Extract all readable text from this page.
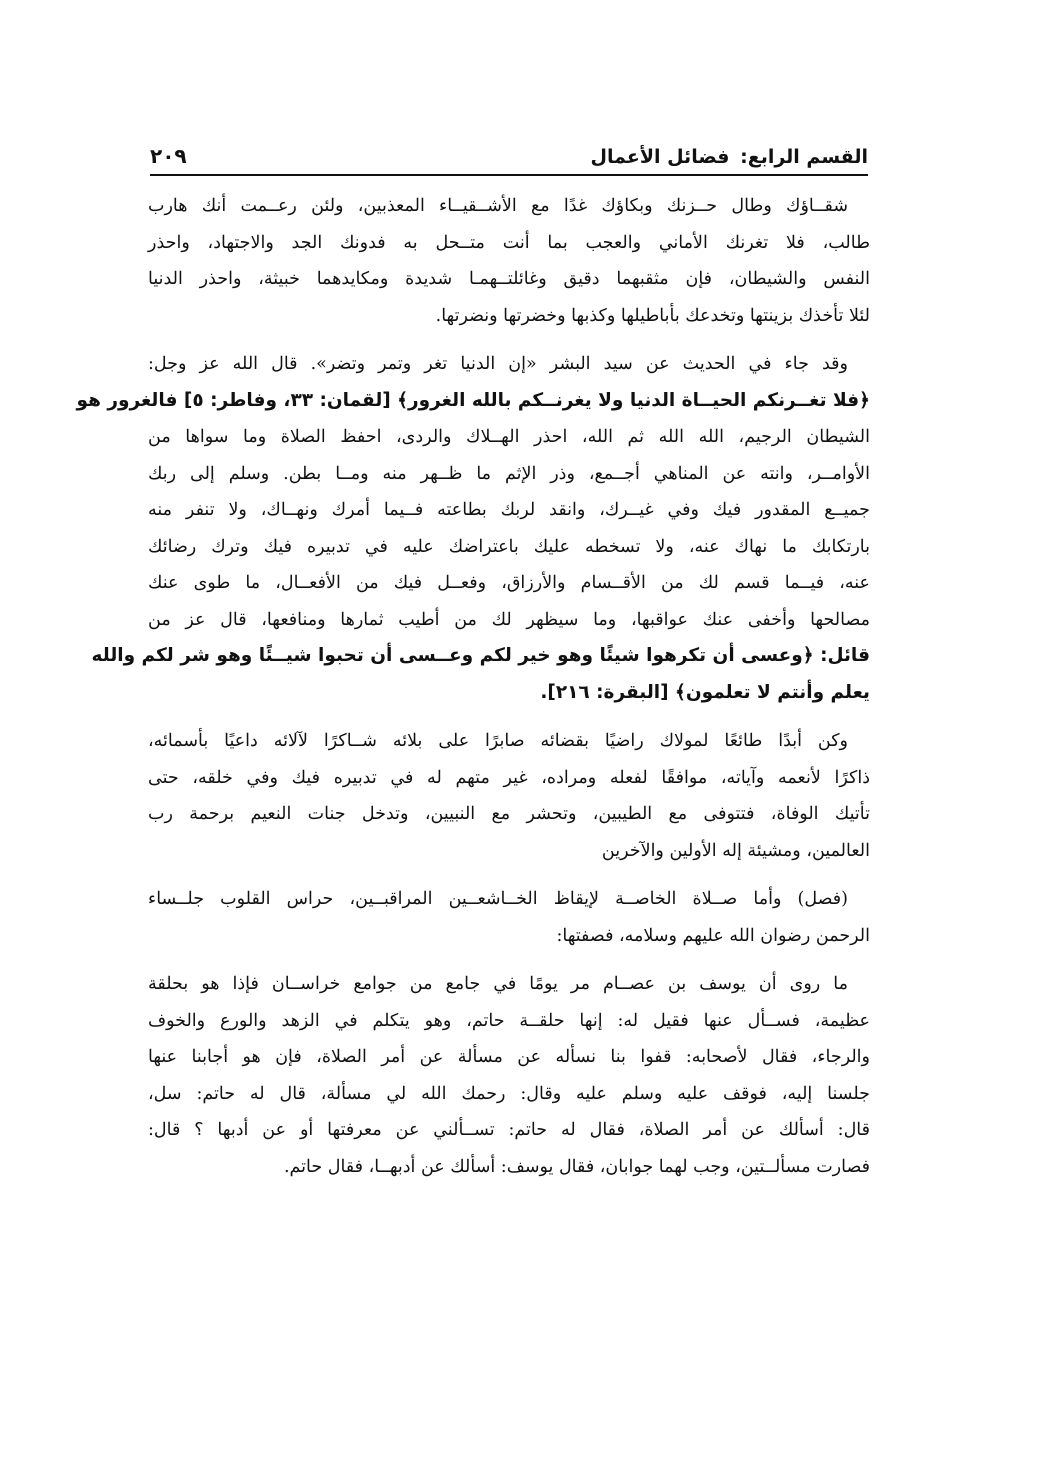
القسم الرابع: فضائل الأعمال
٢٠٩

شقــاؤك وطال حــزنك وبكاؤك غدًا مع الأشــقيــاء المعذبين، ولئن رعــمت أنك هارب
طالب، فلا تغرنك الأماني والعجب بما أنت متــحل به فدونك الجد والاجتهاد، واحذر
النفس والشيطان، فإن مثقبهما دقيق وغائلتــهمـا شديدة ومكايدهما خبيثة، واحذر الدنيا
لئلا تأخذك بزينتها وتخدعك بأباطيلها وكذبها وخضرتها ونضرتها.

وقد جاء في الحديث عن سيد البشر «إن الدنيا تغر وتمر وتضر». قال الله عز وجل:
﴿فلا تغــرنكم الحيــاة الدنيا ولا يغرنــكم بالله الغرور﴾ [لقمان: ٣٣، وفاطر: ٥] فالغرور هو
الشيطان الرجيم، الله الله ثم الله، احذر الهــلاك والردى، احفظ الصلاة وما سواها من
الأوامــر، وانته عن المناهي أجــمع، وذر الإثم ما ظــهر منه ومــا بطن. وسلم إلى ربك
جميــع المقدور فيك وفي غيــرك، وانقد لربك بطاعته فــيما أمرك ونهــاك، ولا تنفر منه
بارتكابك ما نهاك عنه، ولا تسخطه عليك باعتراضك عليه في تدبيره فيك وترك رضائك
عنه، فيــما قسم لك من الأقــسام والأرزاق، وفعــل فيك من الأفعــال، ما طوى عنك
مصالحها وأخفى عنك عواقبها، وما سيظهر لك من أطيب ثمارها ومنافعها، قال عز من
قائل: ﴿وعسى أن تكرهوا شيئًا وهو خير لكم وعــسى أن تحبوا شيــئًا وهو شر لكم والله
يعلم وأنتم لا تعلمون﴾ [البقرة: ٢١٦].

وكن أبدًا طائعًا لمولاك راضيًا بقضائه صابرًا على بلائه شــاكرًا لآلائه داعيًا بأسمائه،
ذاكرًا لأنعمه وآياته، موافقًا لفعله ومراده، غير متهم له في تدبيره فيك وفي خلقه، حتى
تأتيك الوفاة، فتتوفى مع الطيبين، وتحشر مع النبيين، وتدخل جنات النعيم برحمة رب
العالمين، ومشيئة إله الأولين والآخرين

(فصل) وأما صــلاة الخاصــة لإيقاظ الخــاشعــين المراقبــين، حراس القلوب جلــساء
الرحمن رضوان الله عليهم وسلامه، فصفتها:

ما روى أن يوسف بن عصــام مر يومًا في جامع من جوامع خراســان فإذا هو بحلقة
عظيمة، فســأل عنها فقيل له: إنها حلقــة حاتم، وهو يتكلم في الزهد والورع والخوف
والرجاء، فقال لأصحابه: قفوا بنا نسأله عن مسألة عن أمر الصلاة، فإن هو أجابنا عنها
جلسنا إليه، فوقف عليه وسلم عليه وقال: رحمك الله لي مسألة، قال له حاتم: سل،
قال: أسألك عن أمر الصلاة، فقال له حاتم: تســألني عن معرفتها أو عن أدبها ؟ قال:
فصارت مسألــتين، وجب لهما جوابان، فقال يوسف: أسألك عن أدبهــا، فقال حاتم.
